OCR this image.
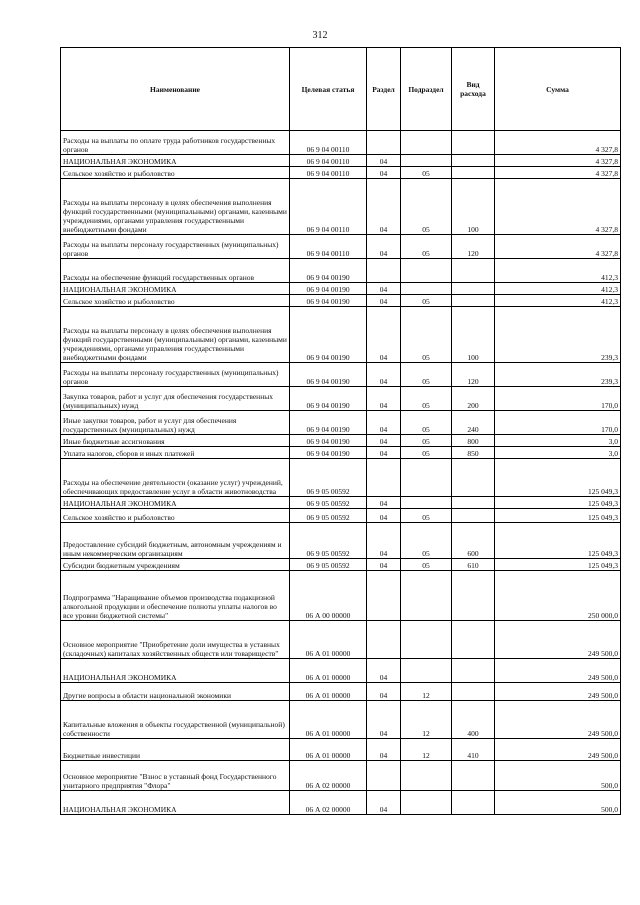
312
Наименование	Целевая статья	Раздел	Подраздел	Вид расхода	Сумма
Расходы на выплаты по оплате труда работников государственных органов	06 9 04 00110				4 327,8
НАЦИОНАЛЬНАЯ ЭКОНОМИКА	06 9 04 00110	04			4 327,8
Сельское хозяйство и рыболовство	06 9 04 00110	04	05		4 327,8
Расходы на выплаты персоналу в целях обеспечения выполнения функций государственными (муниципальными) органами, казенными учреждениями, органами управления государственными внебюджетными фондами	06 9 04 00110	04	05	100	4 327,8
Расходы на выплаты персоналу государственных (муниципальных) органов	06 9 04 00110	04	05	120	4 327,8
Расходы на обеспечение функций государственных органов	06 9 04 00190				412,3
НАЦИОНАЛЬНАЯ ЭКОНОМИКА	06 9 04 00190	04			412,3
Сельское хозяйство и рыболовство	06 9 04 00190	04	05		412,3
Расходы на выплаты персоналу в целях обеспечения выполнения функций государственными (муниципальными) органами, казенными учреждениями, органами управления государственными внебюджетными фондами	06 9 04 00190	04	05	100	239,3
Расходы на выплаты персоналу государственных (муниципальных) органов	06 9 04 00190	04	05	120	239,3
Закупка товаров, работ и услуг для обеспечения государственных (муниципальных) нужд	06 9 04 00190	04	05	200	170,0
Иные закупки товаров, работ и услуг для обеспечения государственных (муниципальных) нужд	06 9 04 00190	04	05	240	170,0
Иные бюджетные ассигнования	06 9 04 00190	04	05	800	3,0
Уплата налогов, сборов и иных платежей	06 9 04 00190	04	05	850	3,0
Расходы на обеспечение деятельности (оказание услуг) учреждений, обеспечивающих предоставление услуг в области животноводства	06 9 05 00592				125 049,3
НАЦИОНАЛЬНАЯ ЭКОНОМИКА	06 9 05 00592	04			125 049,3
Сельское хозяйство и рыболовство	06 9 05 00592	04	05		125 049,3
Предоставление субсидий бюджетным, автономным учреждениям и иным некоммерческим организациям	06 9 05 00592	04	05	600	125 049,3
Субсидии бюджетным учреждениям	06 9 05 00592	04	05	610	125 049,3
Подпрограмма "Наращивание объемов производства подакцизной алкогольной продукции и обеспечение полноты уплаты налогов во все уровни бюджетной системы"	06 А 00 00000				250 000,0
Основное мероприятие "Приобретение доли имущества в уставных (складочных) капиталах хозяйственных обществ или товариществ"	06 А 01 00000				249 500,0
НАЦИОНАЛЬНАЯ ЭКОНОМИКА	06 А 01 00000	04			249 500,0
Другие вопросы в области национальной экономики	06 А 01 00000	04	12		249 500,0
Капитальные вложения в объекты государственной (муниципальной) собственности	06 А 01 00000	04	12	400	249 500,0
Бюджетные инвестиции	06 А 01 00000	04	12	410	249 500,0
Основное мероприятие "Взнос в уставный фонд Государственного унитарного предприятия "Флора"	06 А 02 00000				500,0
НАЦИОНАЛЬНАЯ ЭКОНОМИКА	06 А 02 00000	04			500,0
